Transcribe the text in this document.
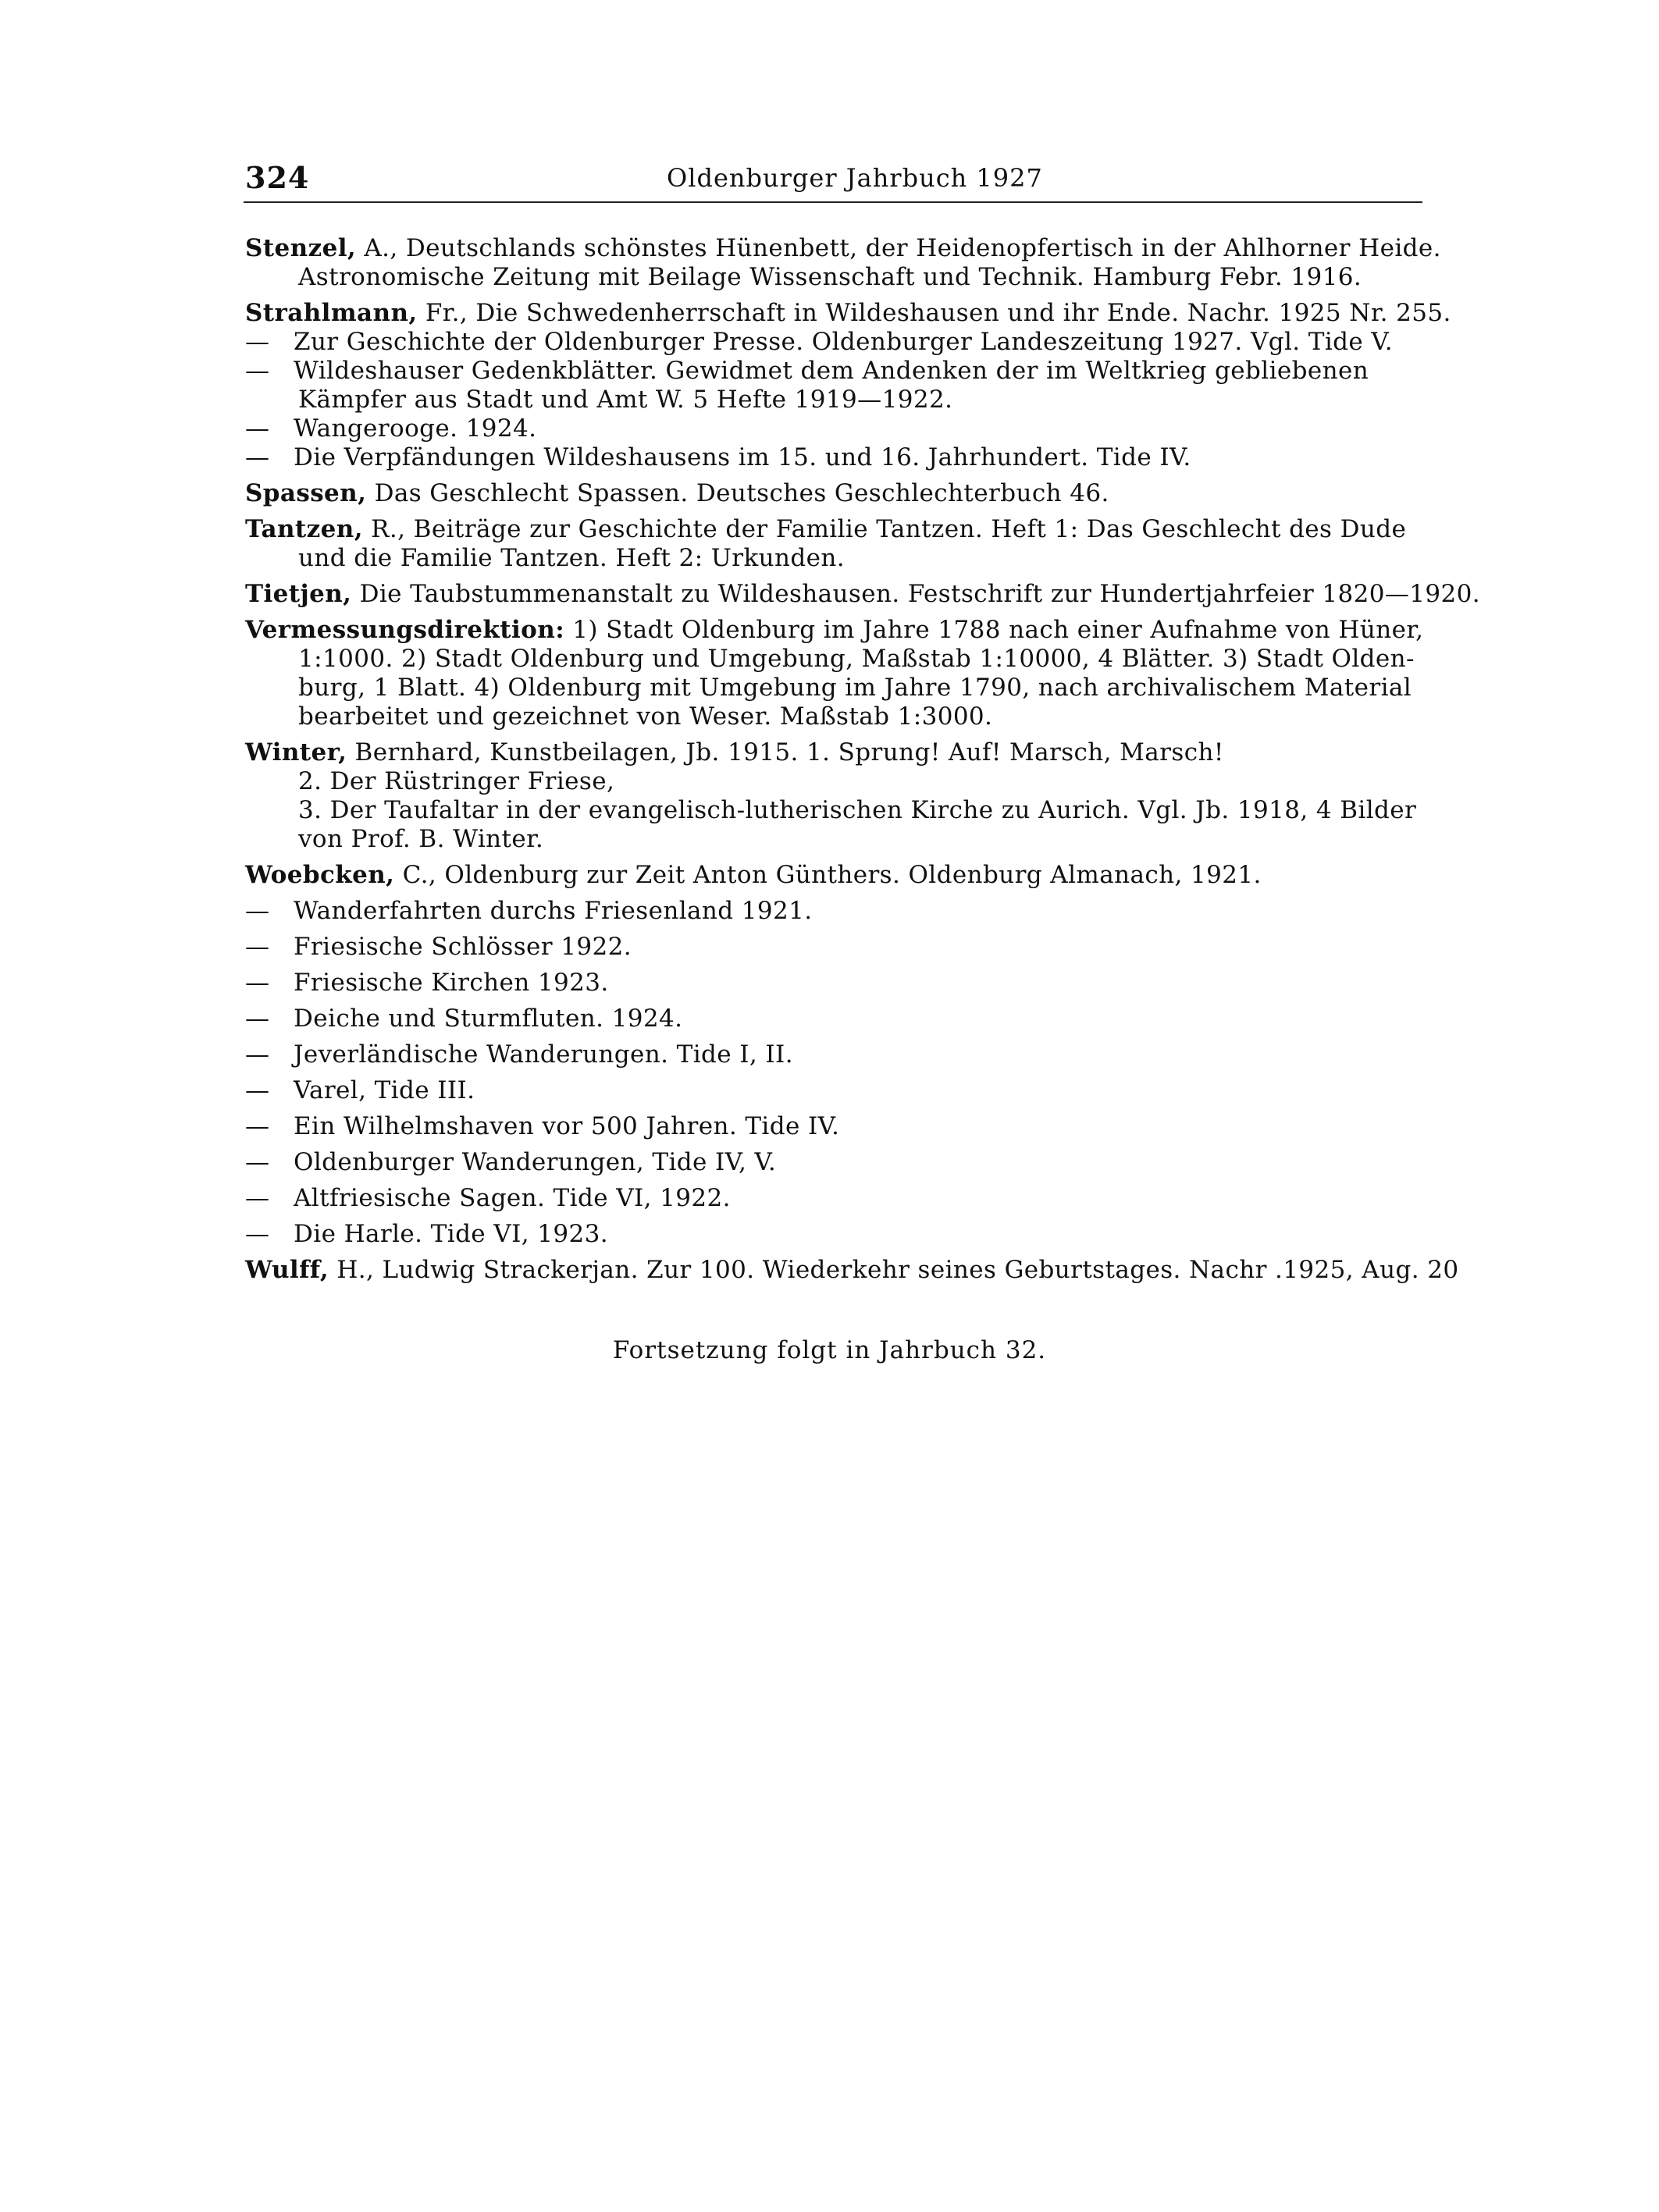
324	Oldenburger Jahrbuch 1927
Stenzel, A., Deutschlands schönstes Hünenbett, der Heidenopfertisch in der Ahlhorner Heide.
Astronomische Zeitung mit Beilage Wissenschaft und Technik. Hamburg Febr. 1916.
Strahlmann, Fr., Die Schwedenherrschaft in Wildeshausen und ihr Ende. Nachr. 1925 Nr. 255.
— Zur Geschichte der Oldenburger Presse. Oldenburger Landeszeitung 1927. Vgl. Tide V.
— Wildeshauser Gedenkblätter. Gewidmet dem Andenken der im Weltkrieg gebliebenen
Kämpfer aus Stadt und Amt W. 5 Hefte 1919—1922.
— Wangerooge. 1924.
— Die Verpfändungen Wildeshausens im 15. und 16. Jahrhundert. Tide IV.
Spassen, Das Geschlecht Spassen. Deutsches Geschlechterbuch 46.
Tantzen, R., Beiträge zur Geschichte der Familie Tantzen. Heft 1: Das Geschlecht des Dude
und die Familie Tantzen. Heft 2: Urkunden.
Tietjen, Die Taubstummenanstalt zu Wildeshausen. Festschrift zur Hundertjahrfeier 1820—1920.
Vermessungsdirektion: 1) Stadt Oldenburg im Jahre 1788 nach einer Aufnahme von Hüner,
1:1000. 2) Stadt Oldenburg und Umgebung, Maßstab 1:10000, 4 Blätter. 3) Stadt Olden-
burg, 1 Blatt. 4) Oldenburg mit Umgebung im Jahre 1790, nach archivalischem Material
bearbeitet und gezeichnet von Weser. Maßstab 1:3000.
Winter, Bernhard, Kunstbeilagen, Jb. 1915. 1. Sprung! Auf! Marsch, Marsch!
2. Der Rüstringer Friese,
3. Der Taufaltar in der evangelisch-lutherischen Kirche zu Aurich. Vgl. Jb. 1918, 4 Bilder
von Prof. B. Winter.
Woebcken, C., Oldenburg zur Zeit Anton Günthers. Oldenburg Almanach, 1921.
— Wanderfahrten durchs Friesenland 1921.
— Friesische Schlösser 1922.
— Friesische Kirchen 1923.
— Deiche und Sturmfluten. 1924.
— Jeverländische Wanderungen. Tide I, II.
— Varel, Tide III.
— Ein Wilhelmshaven vor 500 Jahren. Tide IV.
— Oldenburger Wanderungen, Tide IV, V.
— Altfriesische Sagen. Tide VI, 1922.
— Die Harle. Tide VI, 1923.
Wulff, H., Ludwig Strackerjan. Zur 100. Wiederkehr seines Geburtstages. Nachr .1925, Aug. 20
Fortsetzung folgt in Jahrbuch 32.
